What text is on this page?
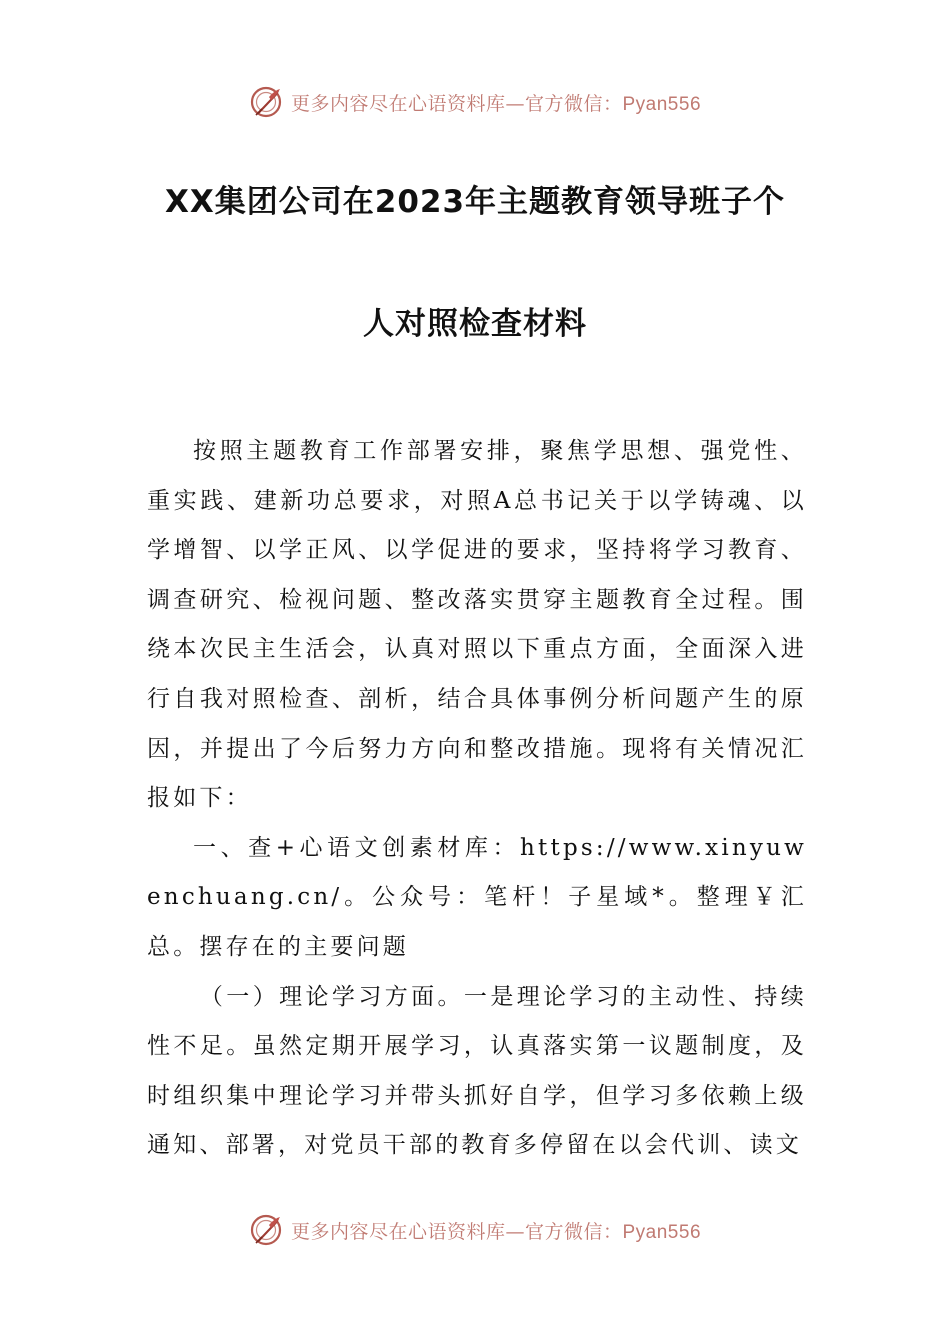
更多内容尽在心语资料库—官方微信：Pyan556
XX集团公司在2023年主题教育领导班子个
人对照检查材料

按照主题教育工作部署安排，聚焦学思想、强党性、重实践、建新功总要求，对照A总书记关于以学铸魂、以学增智、以学正风、以学促进的要求，坚持将学习教育、调查研究、检视问题、整改落实贯穿主题教育全过程。围绕本次民主生活会，认真对照以下重点方面，全面深入进行自我对照检查、剖析，结合具体事例分析问题产生的原因，并提出了今后努力方向和整改措施。现将有关情况汇报如下：

一、查+心语文创素材库：https://www.xinyuwenchuang.cn/。公众号：笔杆！子星域*。整理￥汇总。摆存在的主要问题

（一）理论学习方面。一是理论学习的主动性、持续性不足。虽然定期开展学习，认真落实第一议题制度，及时组织集中理论学习并带头抓好自学，但学习多依赖上级通知、部署，对党员干部的教育多停留在以会代训、读文

更多内容尽在心语资料库—官方微信：Pyan556
